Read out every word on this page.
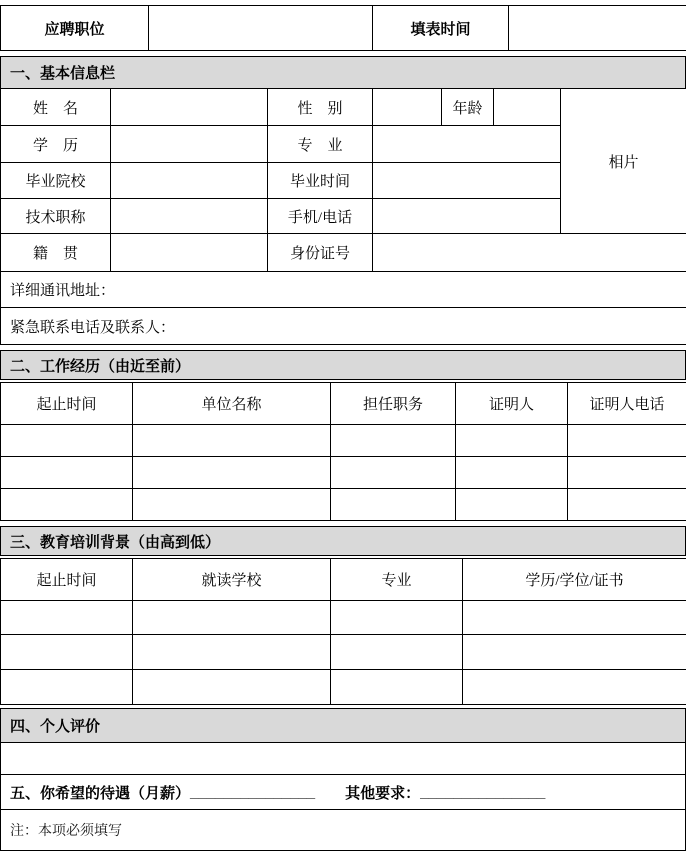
应聘职位		填表时间	
一、基本信息栏
姓　名		性　别		年龄		相片
学　历		专　业				
毕业院校		毕业时间				
技术职称		手机/电话				
籍　贯		身份证号				
详细通讯地址：						
紧急联系电话及联系人：						
二、工作经历（由近至前）
起止时间	单位名称	担任职务	证明人	证明人电话

三、教育培训背景（由高到低）
起止时间	就读学校	专业	学历/学位/证书

四、个人评价
五、你希望的待遇（月薪） _______________ 其他要求： _______________
注：本项必须填写
